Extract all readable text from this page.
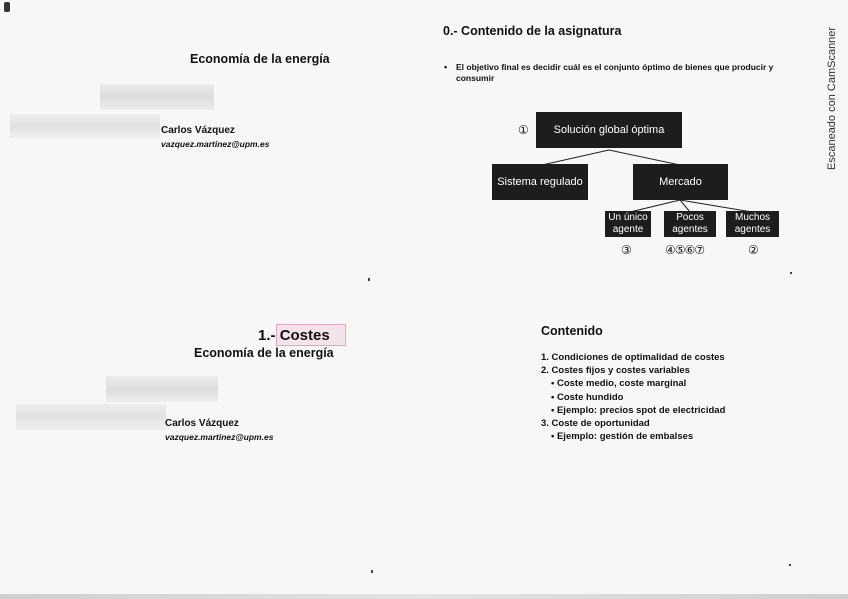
Escaneado con CamScanner
Economía de la energía
Carlos Vázquez
vazquez.martinez@upm.es
0.- Contenido de la asignatura
• El objetivo final es decidir cuál es el conjunto óptimo de bienes que producir y consumir
①	Solución global óptima
Sistema regulado	Mercado
Un único
agente
Pocos
agentes
Muchos
agentes
③	④⑤⑥⑦	②
1.- Costes
Economía de la energía
Carlos Vázquez
vazquez.martinez@upm.es
Contenido
1. Condiciones de optimalidad de costes
2. Costes fijos y costes variables
• Coste medio, coste marginal
• Coste hundido
• Ejemplo: precios spot de electricidad
3. Coste de oportunidad
• Ejemplo: gestión de embalses
